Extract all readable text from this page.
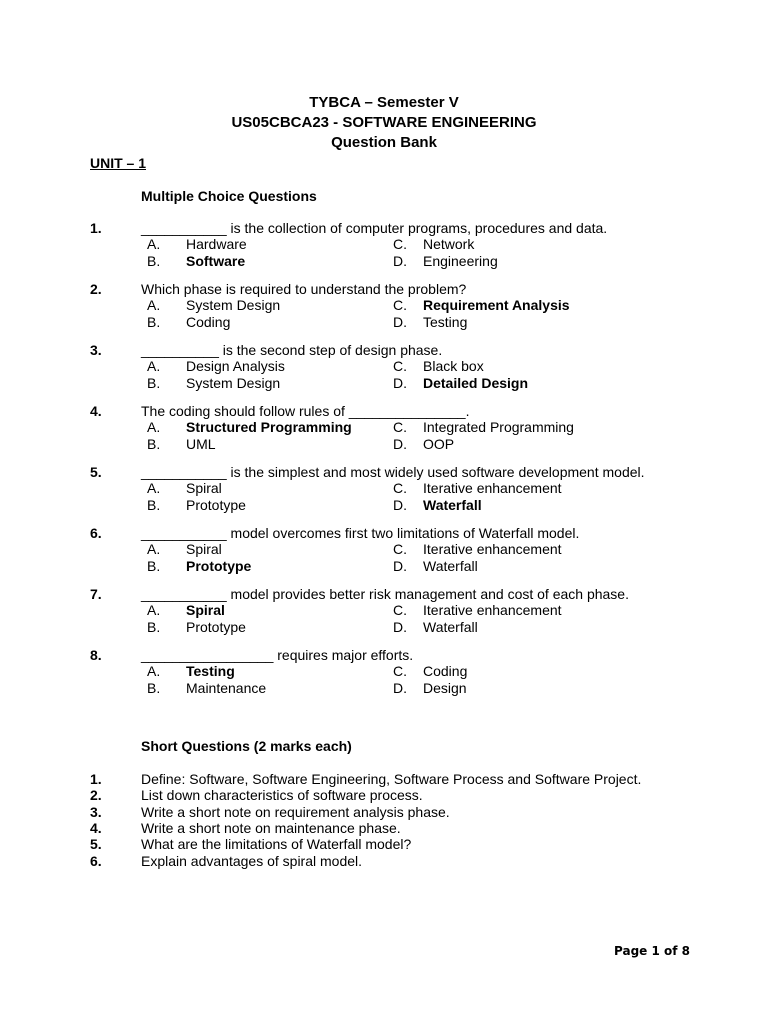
TYBCA – Semester V
US05CBCA23 - SOFTWARE ENGINEERING
Question Bank
UNIT – 1
Multiple Choice Questions
1.	___________ is the collection of computer programs, procedures and data.
A. Hardware
B. Software
C. Network
D. Engineering
2.	Which phase is required to understand the problem?
A. System Design
B. Coding
C. Requirement Analysis
D. Testing
3.	__________ is the second step of design phase.
A. Design Analysis
B. System Design
C. Black box
D. Detailed Design
4.	The coding should follow rules of _______________.
A. Structured Programming
B. UML
C. Integrated Programming
D. OOP
5.	___________ is the simplest and most widely used software development model.
A. Spiral
B. Prototype
C. Iterative enhancement
D. Waterfall
6.	___________ model overcomes first two limitations of Waterfall model.
A. Spiral
B. Prototype
C. Iterative enhancement
D. Waterfall
7.	___________ model provides better risk management and cost of each phase.
A. Spiral
B. Prototype
C. Iterative enhancement
D. Waterfall
8.	_________________ requires major efforts.
A. Testing
B. Maintenance
C. Coding
D. Design
Short Questions (2 marks each)
1.	Define: Software, Software Engineering, Software Process and Software Project.
2.	List down characteristics of software process.
3.	Write a short note on requirement analysis phase.
4.	Write a short note on maintenance phase.
5.	What are the limitations of Waterfall model?
6.	Explain advantages of spiral model.
Page 1 of 8
